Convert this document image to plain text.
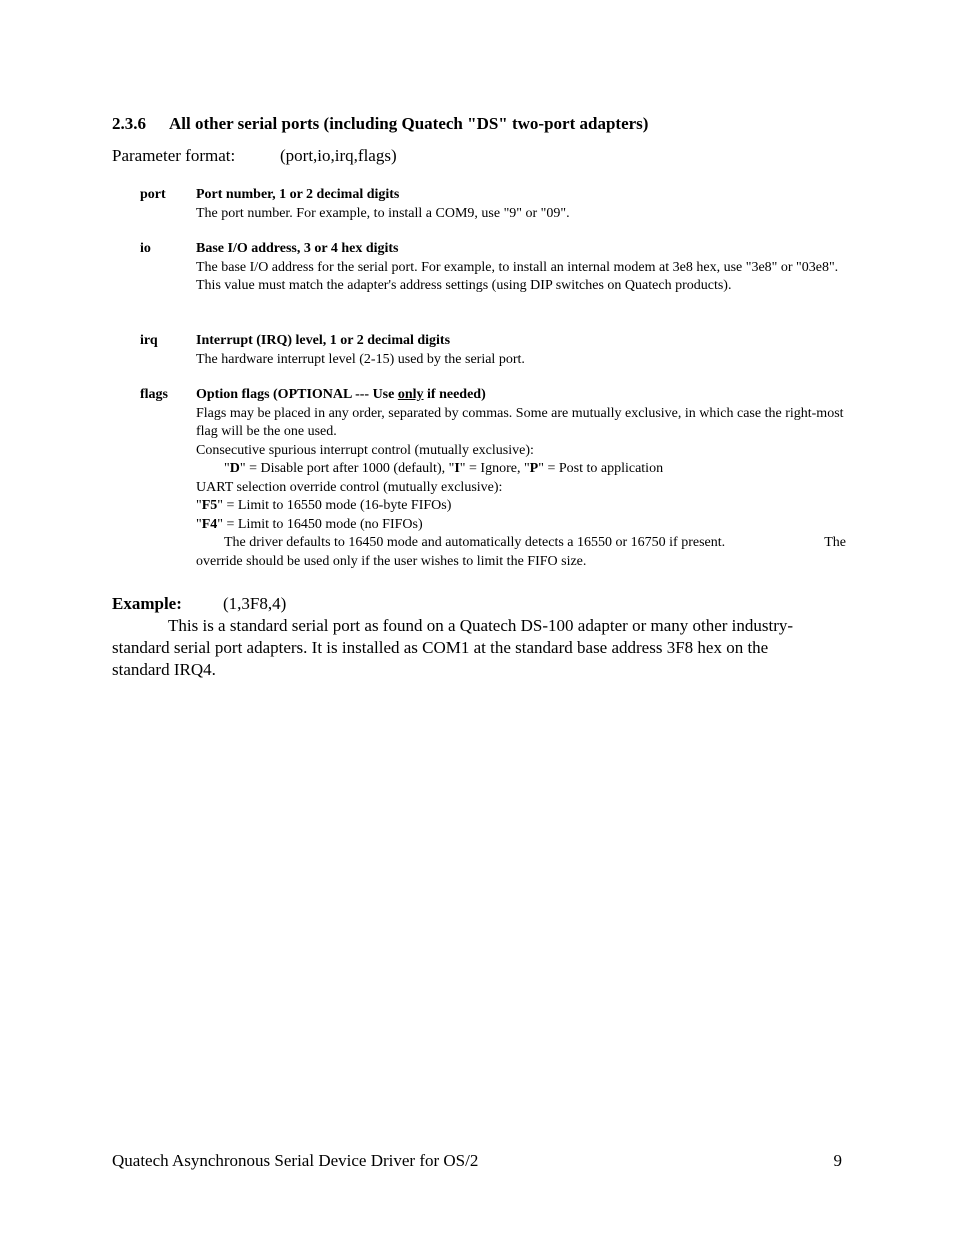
2.3.6 All other serial ports (including Quatech "DS" two-port adapters)
Parameter format:	(port,io,irq,flags)
port Port number, 1 or 2 decimal digits
The port number. For example, to install a COM9, use "9" or "09".
io	Base I/O address, 3 or 4 hex digits
The base I/O address for the serial port. For example, to install an internal modem at 3e8 hex, use "3e8" or "03e8". This value must match the adapter's address settings (using DIP switches on Quatech products).
irq	Interrupt (IRQ) level, 1 or 2 decimal digits
The hardware interrupt level (2-15) used by the serial port.
flags Option flags (OPTIONAL --- Use only if needed)
Flags may be placed in any order, separated by commas. Some are mutually exclusive, in which case the right-most flag will be the one used.
Consecutive spurious interrupt control (mutually exclusive):
"D" = Disable port after 1000 (default), "I" = Ignore, "P" = Post to application
UART selection override control (mutually exclusive):
"F5" = Limit to 16550 mode (16-byte FIFOs)
"F4" = Limit to 16450 mode (no FIFOs)
The driver defaults to 16450 mode and automatically detects a 16550 or 16750 if present.	The
override should be used only if the user wishes to limit the FIFO size.
Example: (1,3F8,4)

This is a standard serial port as found on a Quatech DS-100 adapter or many other industry-standard serial port adapters. It is installed as COM1 at the standard base address 3F8 hex on the standard IRQ4.

Quatech Asynchronous Serial Device Driver for OS/2	9
